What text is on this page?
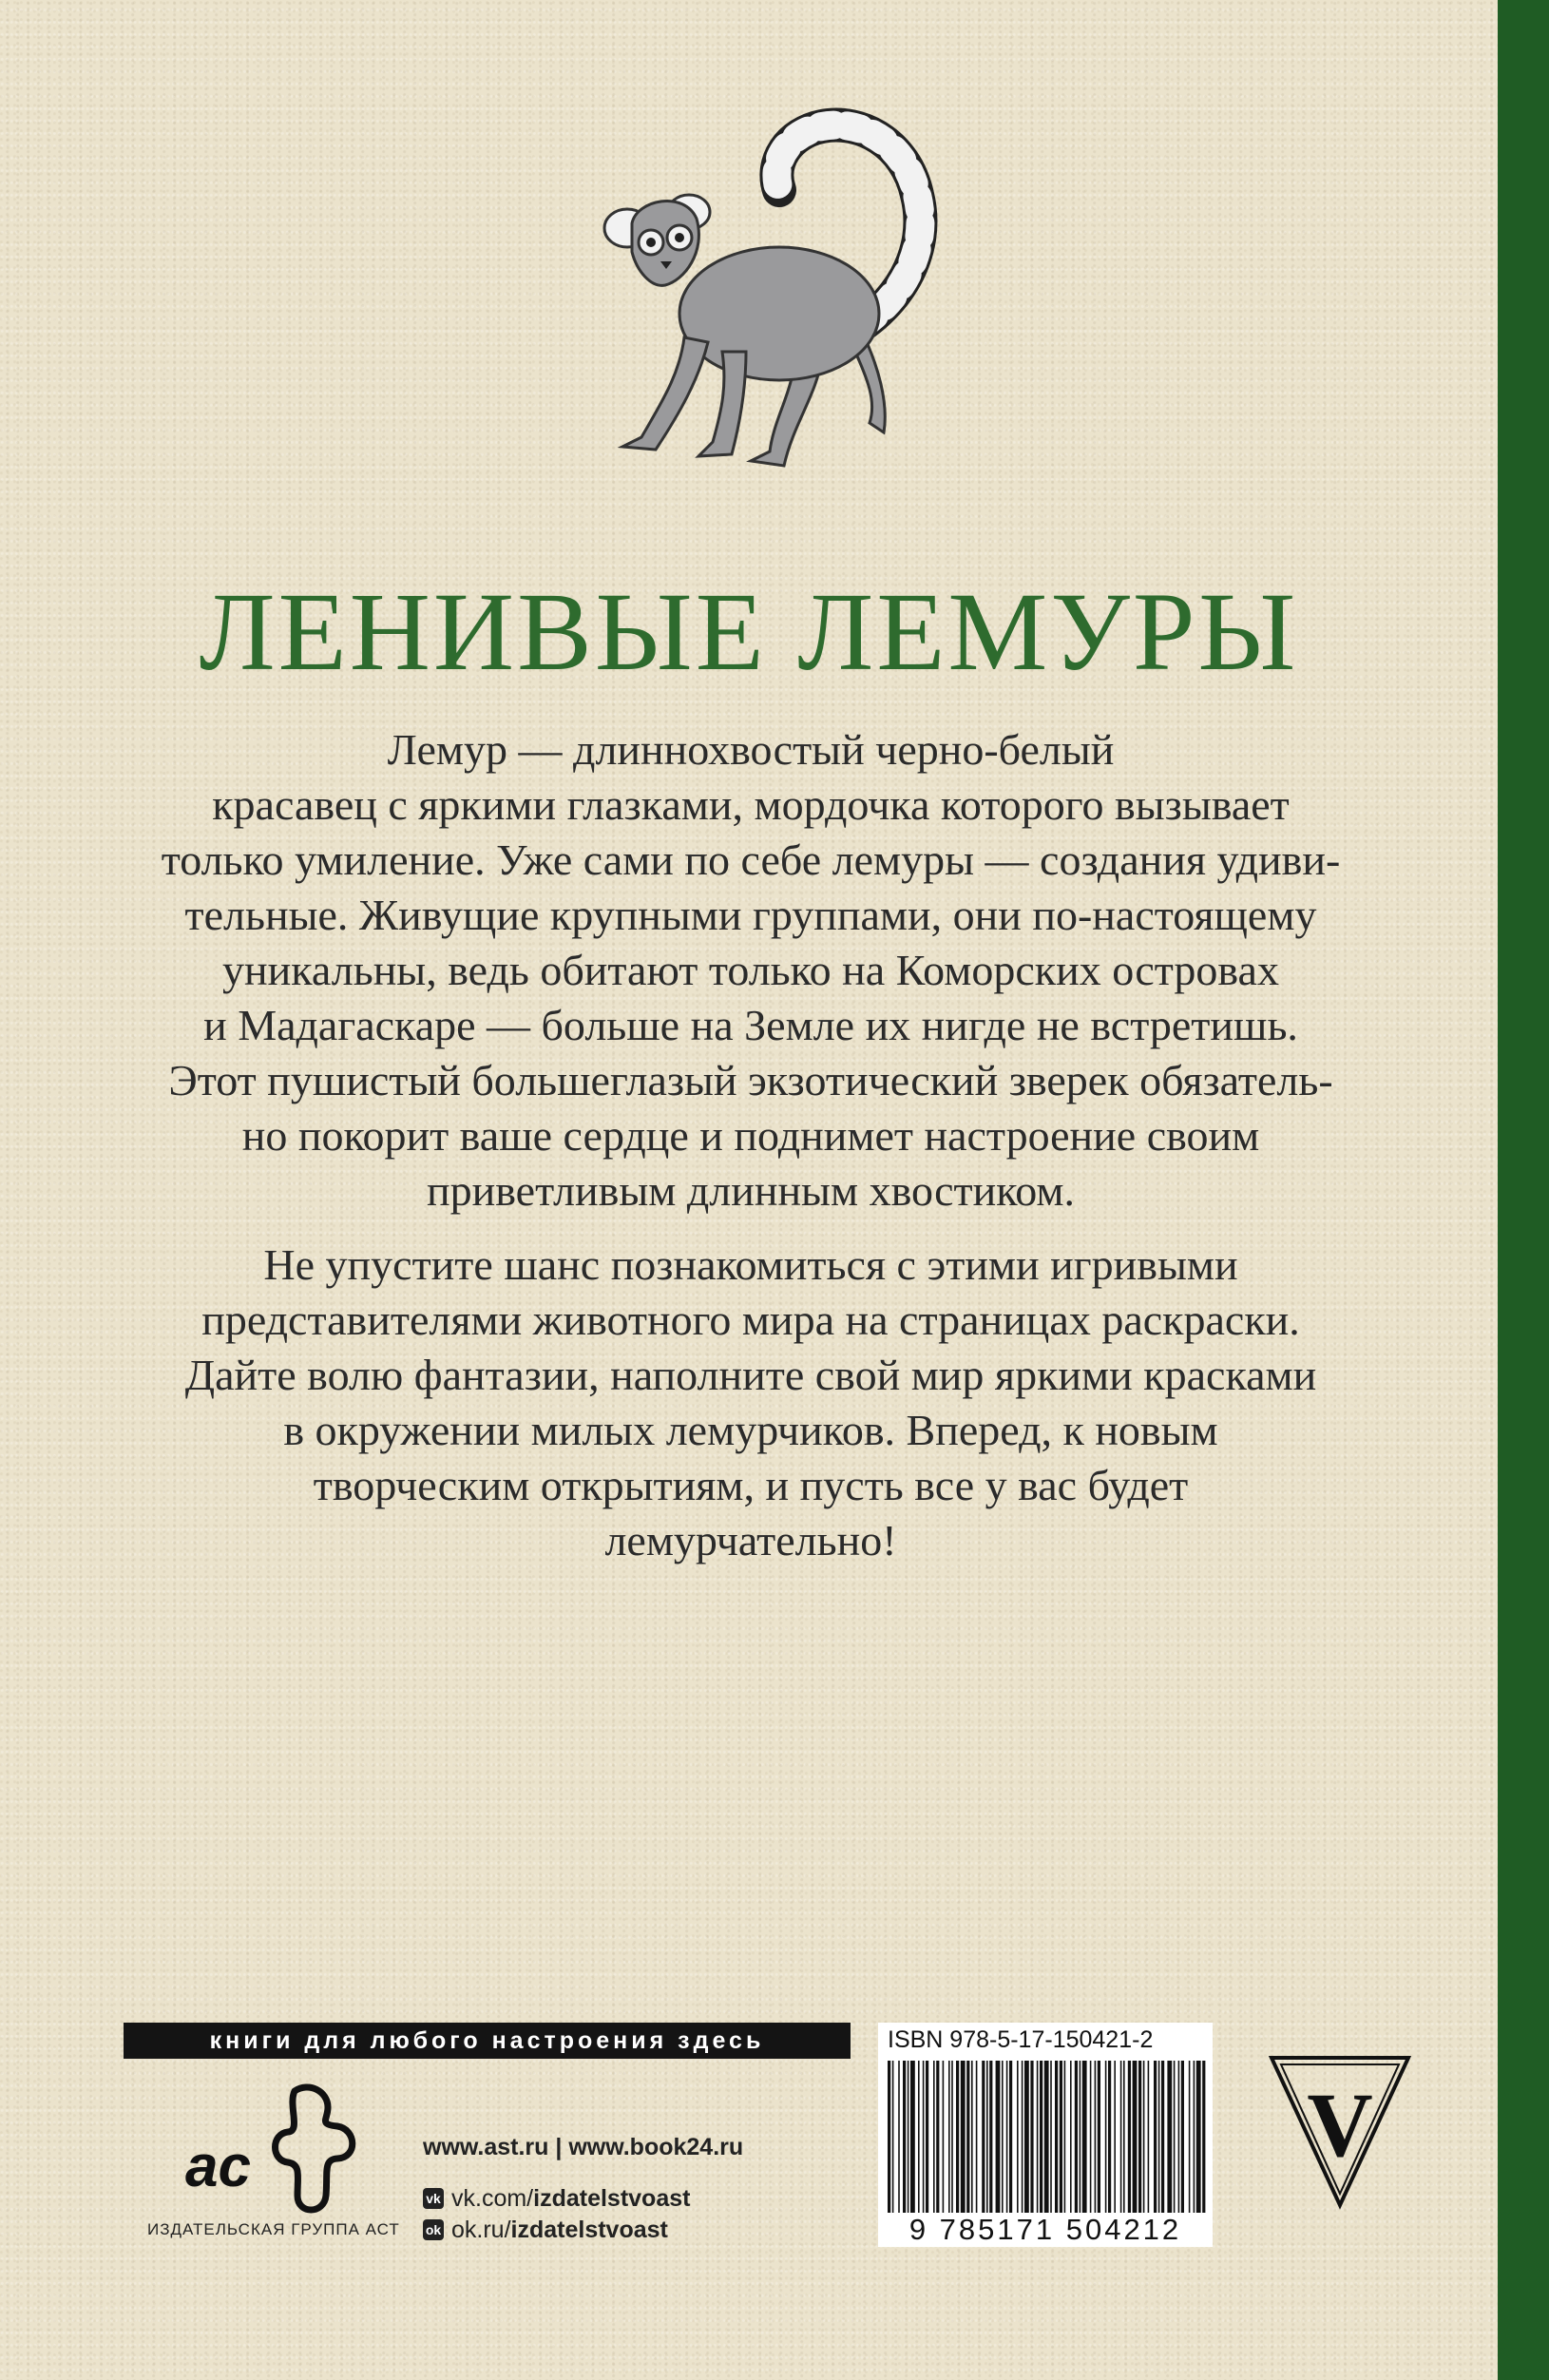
ЛЕНИВЫЕ ЛЕМУРЫ

Лемур — длиннохвостый черно-белый
красавец с яркими глазками, мордочка которого вызывает
только умиление. Уже сами по себе лемуры — создания удиви-
тельные. Живущие крупными группами, они по-настоящему
уникальны, ведь обитают только на Коморских островах
и Мадагаскаре — больше на Земле их нигде не встретишь.
Этот пушистый большеглазый экзотический зверек обязатель-
но покорит ваше сердце и поднимет настроение своим
приветливым длинным хвостиком.

Не упустите шанс познакомиться с этими игривыми
представителями животного мира на страницах раскраски.
Дайте волю фантазии, наполните свой мир яркими красками
в окружении милых лемурчиков. Вперед, к новым
творческим открытиям, и пусть все у вас будет
лемурчательно!

книги для любого настроения здесь
ас
ИЗДАТЕЛЬСКАЯ ГРУППА АСТ
www.ast.ru | www.book24.ru
vk vk.com/ izdatelstvoast
ok ok.ru/ izdatelstvoast
ISBN 978-5-17-150421-2
9 785171 504212
V
